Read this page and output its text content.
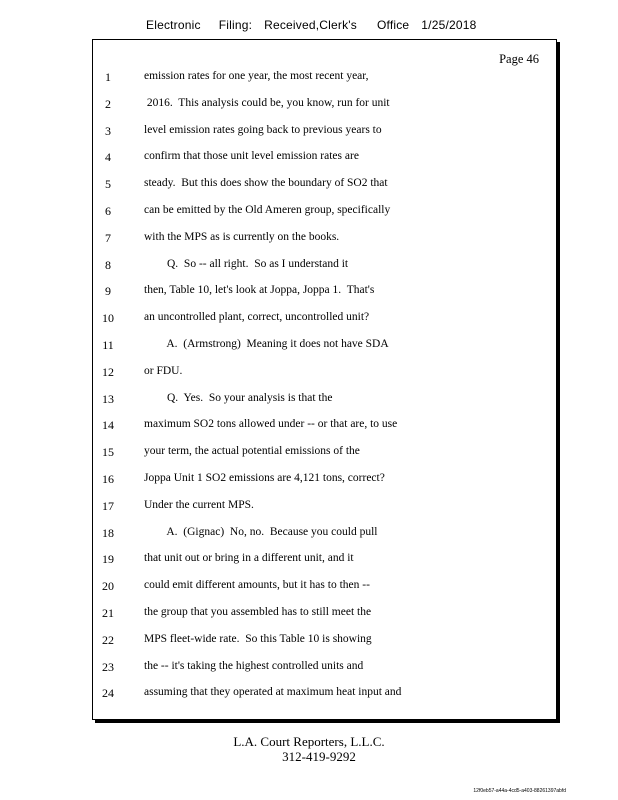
Electronic Filing: Received,Clerk's Office 1/25/2018
Page 46
1	emission rates for one year, the most recent year,
2	2016.  This analysis could be, you know, run for unit
3	level emission rates going back to previous years to
4	confirm that those unit level emission rates are
5	steady.  But this does show the boundary of SO2 that
6	can be emitted by the Old Ameren group, specifically
7	with the MPS as is currently on the books.
8	Q.  So -- all right.  So as I understand it
9	then, Table 10, let's look at Joppa, Joppa 1.  That's
10	an uncontrolled plant, correct, uncontrolled unit?
11	A.  (Armstrong)  Meaning it does not have SDA
12	or FDU.
13	Q.  Yes.  So your analysis is that the
14	maximum SO2 tons allowed under -- or that are, to use
15	your term, the actual potential emissions of the
16	Joppa Unit 1 SO2 emissions are 4,121 tons, correct?
17	Under the current MPS.
18	A.  (Gignac)  No, no.  Because you could pull
19	that unit out or bring in a different unit, and it
20	could emit different amounts, but it has to then --
21	the group that you assembled has to still meet the
22	MPS fleet-wide rate.  So this Table 10 is showing
23	the -- it's taking the highest controlled units and
24	assuming that they operated at maximum heat input and
L.A. Court Reporters, L.L.C.
312-419-9292
12f0eb57-a44a-4cd5-a403-88261397abfd
